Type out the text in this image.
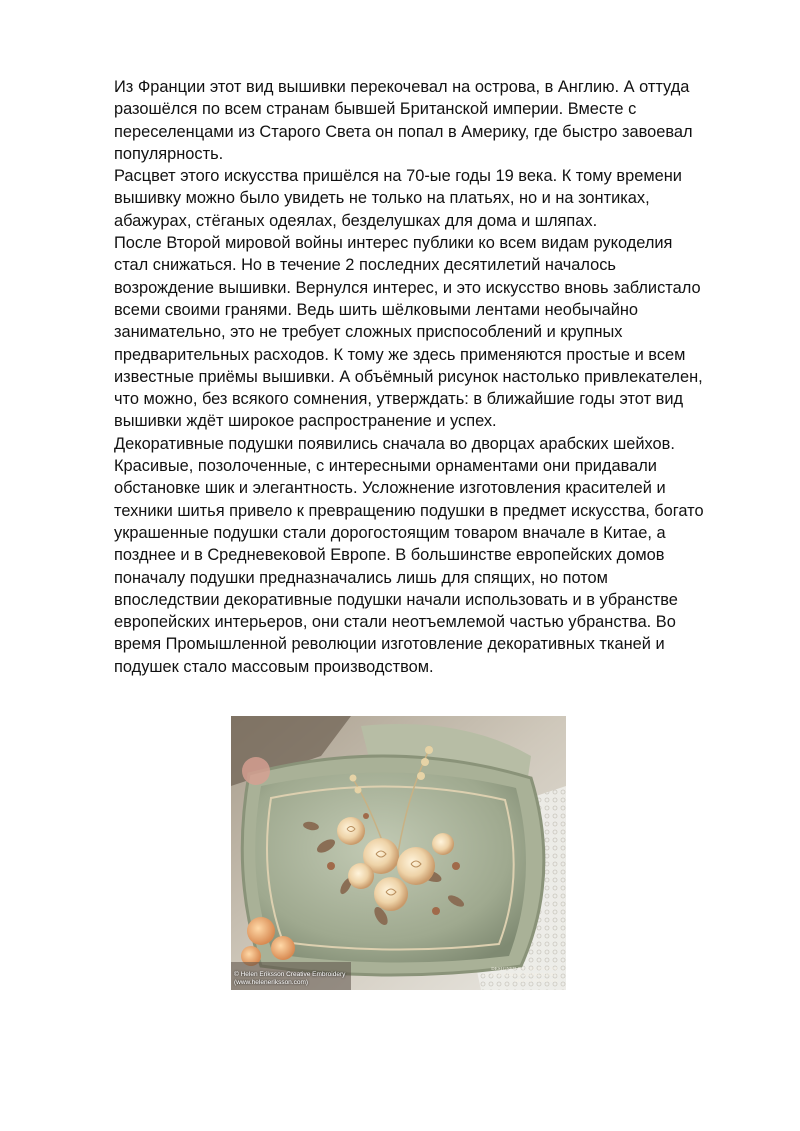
Из Франции этот вид вышивки перекочевал на острова, в Англию. А оттуда
разошёлся по всем странам бывшей Британской империи. Вместе с
переселенцами из Старого Света он попал в Америку, где быстро завоевал
популярность.

Расцвет этого искусства пришёлся на 70-ые годы 19 века. К тому времени
вышивку можно было увидеть не только на платьях, но и на зонтиках,
абажурах, стёганых одеялах, безделушках для дома и шляпах.

После Второй мировой войны интерес публики ко всем видам рукоделия
стал снижаться. Но в течение 2 последних десятилетий началось
возрождение вышивки. Вернулся интерес, и это искусство вновь заблистало
всеми своими гранями. Ведь шить шёлковыми лентами необычайно
занимательно, это не требует сложных приспособлений и крупных
предварительных расходов. К тому же здесь применяются простые и всем
известные приёмы вышивки. А объёмный рисунок настолько привлекателен,
что можно, без всякого сомнения, утверждать: в ближайшие годы этот вид
вышивки ждёт широкое распространение и успех.

Декоративные подушки появились сначала во дворцах арабских шейхов.
Красивые, позолоченные, с интересными орнаментами они придавали
обстановке шик и элегантность. Усложнение изготовления красителей и
техники шитья привело к превращению подушки в предмет искусства, богато
украшенные подушки стали дорогостоящим товаром вначале в Китае, а
позднее и в Средневековой Европе. В большинстве европейских домов
поначалу подушки предназначались лишь для спящих, но потом
впоследствии декоративные подушки начали использовать и в убранстве
европейских интерьеров, они стали неотъемлемой частью убранства. Во
время Промышленной революции изготовление декоративных тканей и
подушек стало массовым производством.

© Helen Eriksson Creative Embroidery
(www.heleneriksson.com)
DESIGNED BY THE MASTER
OF SILK RIBBON EMBROIDERY,
HELEN ERIKSSON
